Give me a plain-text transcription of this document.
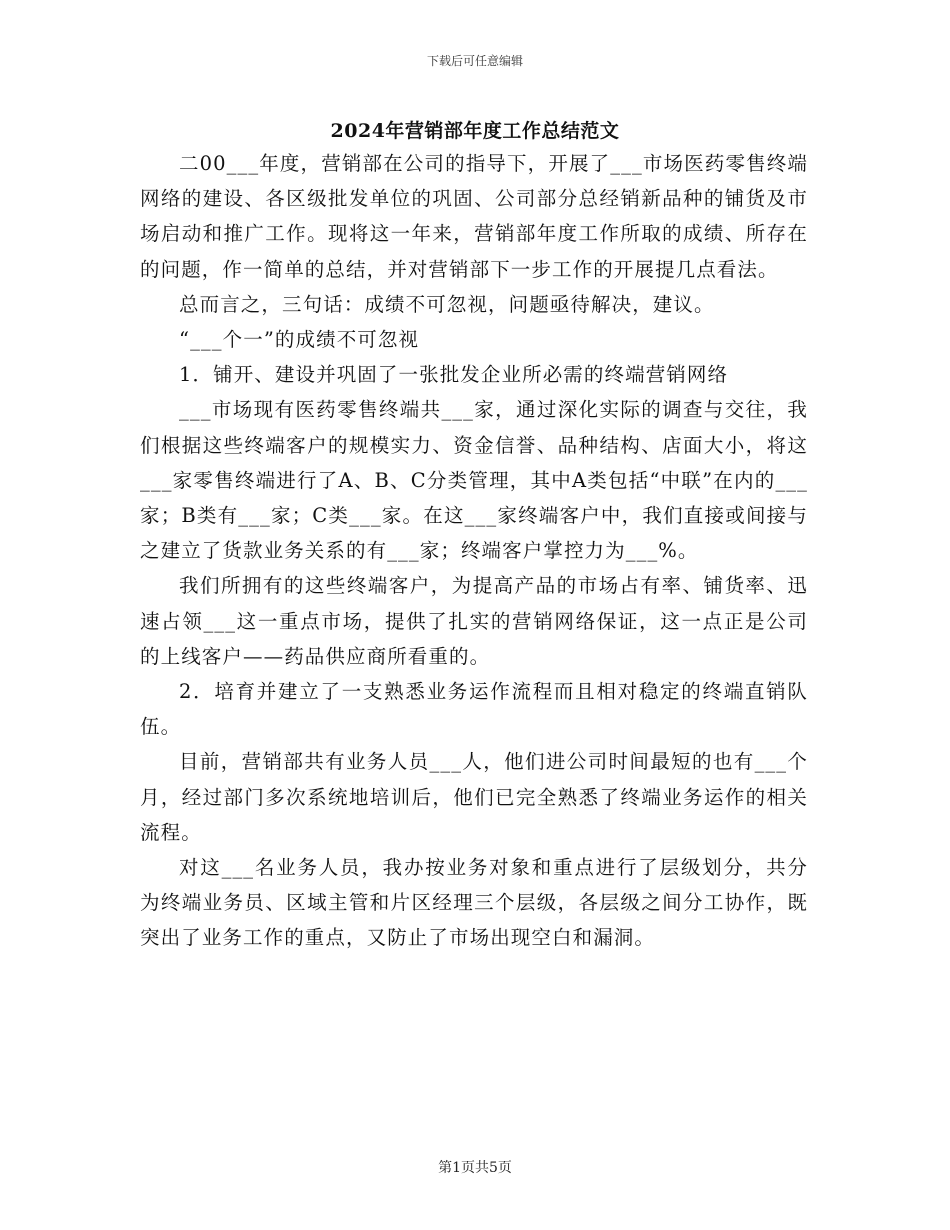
下载后可任意编辑
2024年营销部年度工作总结范文

二00___年度，营销部在公司的指导下，开展了___市场医药零售终端网络的建设、各区级批发单位的巩固、公司部分总经销新品种的铺货及市场启动和推广工作。现将这一年来，营销部年度工作所取的成绩、所存在的问题，作一简单的总结，并对营销部下一步工作的开展提几点看法。

总而言之，三句话：成绩不可忽视，问题亟待解决，建议。

“___个一”的成绩不可忽视

1．铺开、建设并巩固了一张批发企业所必需的终端营销网络

___市场现有医药零售终端共___家，通过深化实际的调查与交往，我们根据这些终端客户的规模实力、资金信誉、品种结构、店面大小，将这___家零售终端进行了A、B、C分类管理，其中A类包括“中联”在内的___家；B类有___家；C类___家。在这___家终端客户中，我们直接或间接与之建立了货款业务关系的有___家；终端客户掌控力为___%。

我们所拥有的这些终端客户，为提高产品的市场占有率、铺货率、迅速占领___这一重点市场，提供了扎实的营销网络保证，这一点正是公司的上线客户——药品供应商所看重的。

2．培育并建立了一支熟悉业务运作流程而且相对稳定的终端直销队伍。

目前，营销部共有业务人员___人，他们进公司时间最短的也有___个月，经过部门多次系统地培训后，他们已完全熟悉了终端业务运作的相关流程。

对这___名业务人员，我办按业务对象和重点进行了层级划分，共分为终端业务员、区域主管和片区经理三个层级，各层级之间分工协作，既突出了业务工作的重点，又防止了市场出现空白和漏洞。

第1页共5页
